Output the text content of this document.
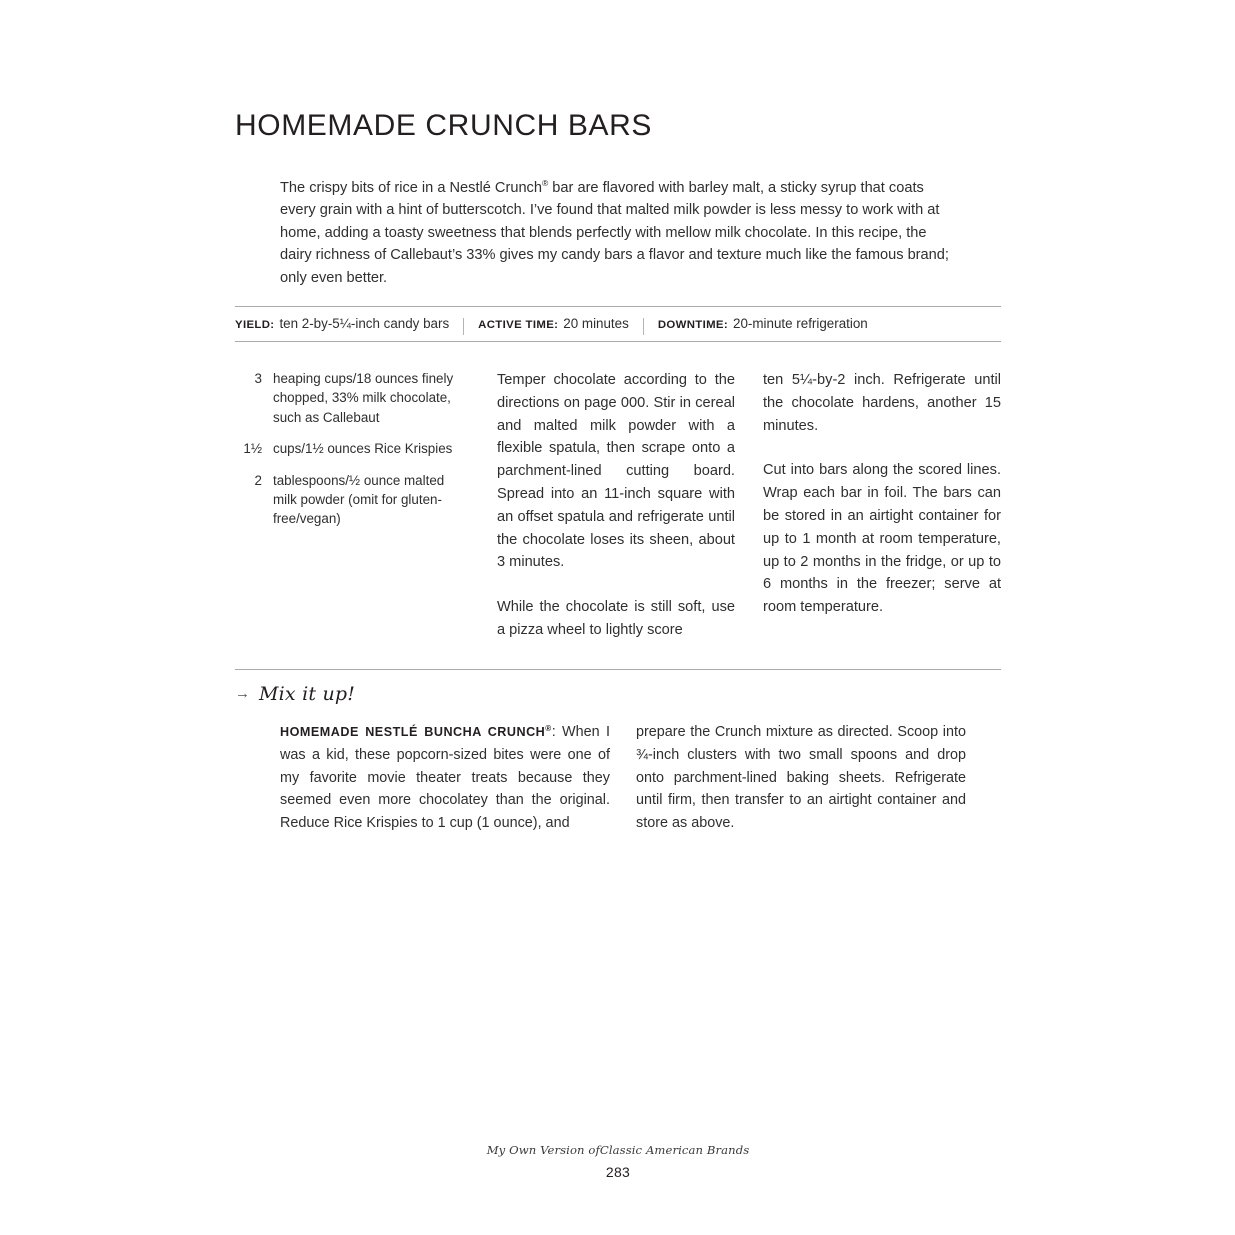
HOMEMADE CRUNCH BARS

The crispy bits of rice in a Nestlé Crunch® bar are flavored with barley malt, a sticky syrup that coats every grain with a hint of butterscotch. I’ve found that malted milk powder is less messy to work with at home, adding a toasty sweetness that blends perfectly with mellow milk chocolate. In this recipe, the dairy richness of Callebaut’s 33% gives my candy bars a flavor and texture much like the famous brand; only even better.

YIELD: ten 2-by-5¼-inch candy bars	ACTIVE TIME: 20 minutes	DOWNTIME: 20-minute refrigeration
3 heaping cups/18 ounces finely chopped, 33% milk chocolate, such as Callebaut
1½ cups/1½ ounces Rice Krispies
2 tablespoons/½ ounce malted milk powder (omit for gluten-free/vegan)

Temper chocolate according to the directions on page 000. Stir in cereal and malted milk powder with a flexible spatula, then scrape onto a parchment-lined cutting board. Spread into an 11-inch square with an offset spatula and refrigerate until the chocolate loses its sheen, about 3 minutes.

While the chocolate is still soft, use a pizza wheel to lightly score

ten 5¼-by-2 inch. Refrigerate until the chocolate hardens, another 15 minutes.

Cut into bars along the scored lines. Wrap each bar in foil. The bars can be stored in an airtight container for up to 1 month at room temperature, up to 2 months in the fridge, or up to 6 months in the freezer; serve at room temperature.

→ Mix it up!

HOMEMADE NESTLÉ BUNCHA CRUNCH®: When I was a kid, these popcorn-sized bites were one of my favorite movie theater treats because they seemed even more chocolatey than the original. Reduce Rice Krispies to 1 cup (1 ounce), and

prepare the Crunch mixture as directed. Scoop into ¾-inch clusters with two small spoons and drop onto parchment-lined baking sheets. Refrigerate until firm, then transfer to an airtight container and store as above.

My Own Version ofClassic American Brands

283
